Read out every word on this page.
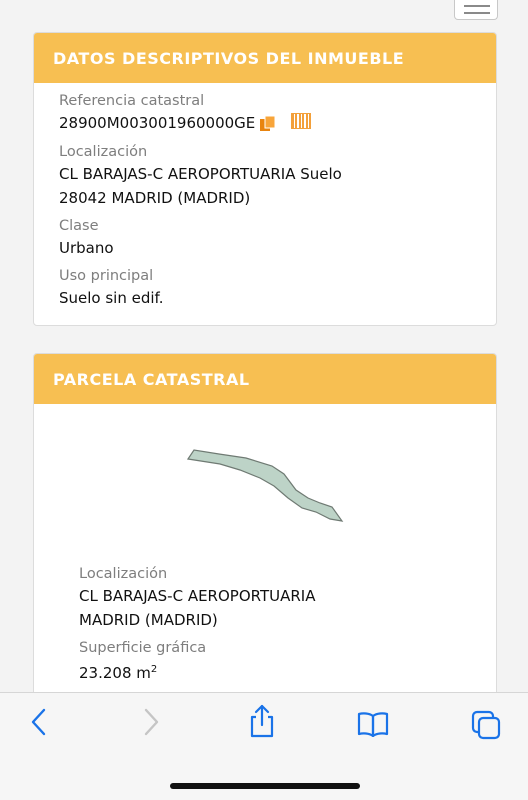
DATOS DESCRIPTIVOS DEL INMUEBLE
Referencia catastral
28900M003001960000GE
Localización
CL BARAJAS-C AEROPORTUARIA Suelo
28042 MADRID (MADRID)
Clase
Urbano
Uso principal
Suelo sin edif.
PARCELA CATASTRAL
Localización
CL BARAJAS-C AEROPORTUARIA
MADRID (MADRID)
Superficie gráfica
23.208 $m^2$
